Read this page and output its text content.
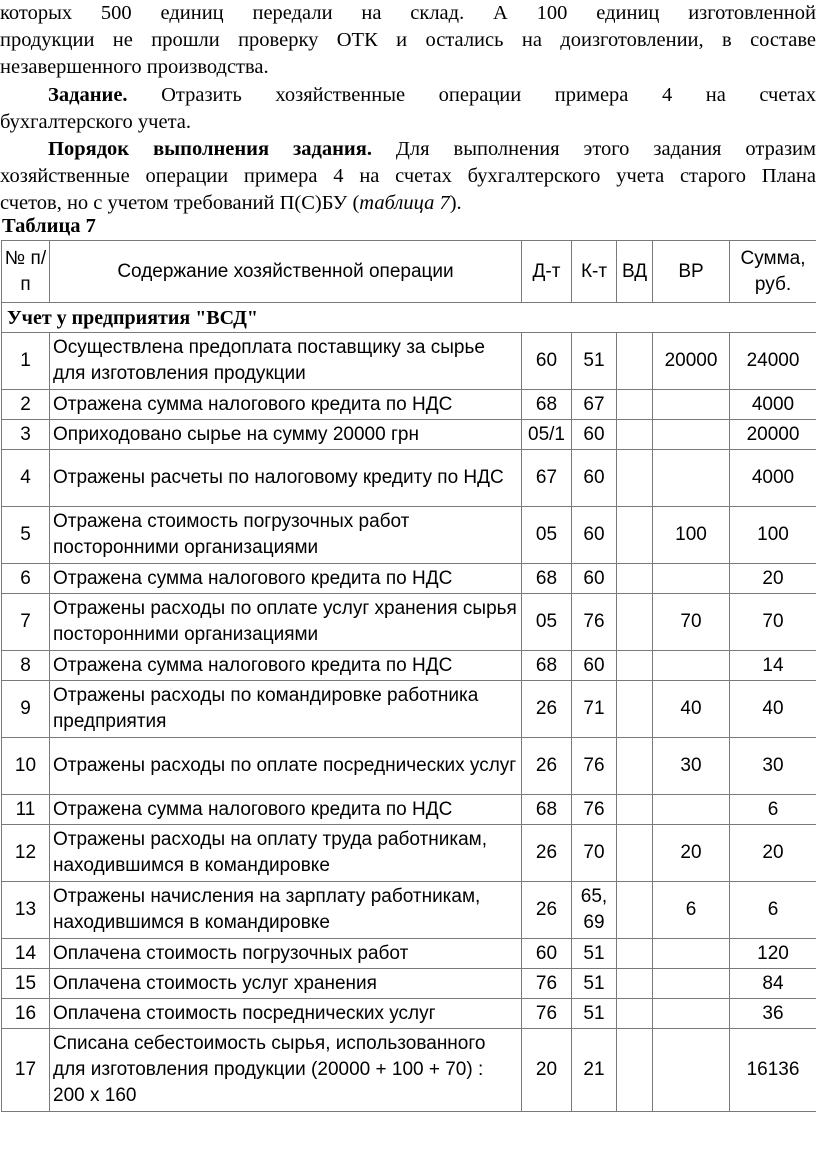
которых 500 единиц передали на склад. А 100 единиц изготовленной
продукции не прошли проверку ОТК и остались на доизготовлении, в составе
незавершенного производства.
Задание. Отразить хозяйственные операции примера 4 на счетах
бухгалтерского учета.
Порядок выполнения задания. Для выполнения этого задания отразим
хозяйственные операции примера 4 на счетах бухгалтерского учета старого Плана
счетов, но с учетом требований П(С)БУ (таблица 7).
Таблица 7
№ п/п	Содержание хозяйственной операции	Д-т	К-т	ВД	ВР	Сумма, руб.
Учет у предприятия "ВСД"						
1	Осуществлена предоплата поставщику за сырье для изготовления продукции	60	51		20000	24000
2	Отражена сумма налогового кредита по НДС	68	67			4000
3	Оприходовано сырье на сумму 20000 грн	05/1	60			20000
4	Отражены расчеты по налоговому кредиту по НДС	67	60			4000
5	Отражена стоимость погрузочных работ посторонними организациями	05	60		100	100
6	Отражена сумма налогового кредита по НДС	68	60			20
7	Отражены расходы по оплате услуг хранения сырья посторонними организациями	05	76		70	70
8	Отражена сумма налогового кредита по НДС	68	60			14
9	Отражены расходы по командировке работника предприятия	26	71		40	40
10	Отражены расходы по оплате посреднических услуг	26	76		30	30
11	Отражена сумма налогового кредита по НДС	68	76			6
12	Отражены расходы на оплату труда работникам, находившимся в командировке	26	70		20	20
13	Отражены начисления на зарплату работникам, находившимся в командировке	26	65, 69		6	6
14	Оплачена стоимость погрузочных работ	60	51			120
15	Оплачена стоимость услуг хранения	76	51			84
16	Оплачена стоимость посреднических услуг	76	51			36
17	Списана себестоимость сырья, использованного для изготовления продукции (20000 + 100 + 70) : 200 х 160	20	21			16136
